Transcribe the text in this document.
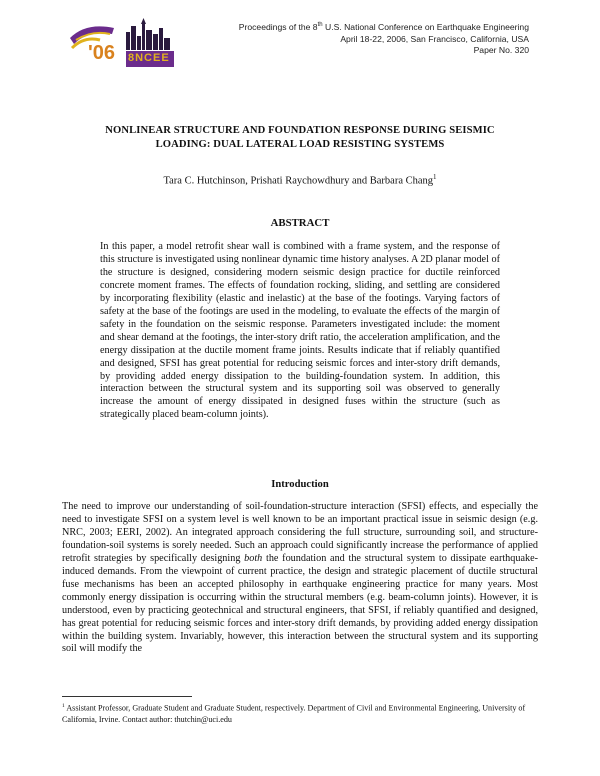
'06 8NCEE
Proceedings of the 8th U.S. National Conference on Earthquake Engineering
April 18-22, 2006, San Francisco, California, USA
Paper No. 320
NONLINEAR STRUCTURE AND FOUNDATION RESPONSE DURING SEISMIC
LOADING: DUAL LATERAL LOAD RESISTING SYSTEMS
Tara C. Hutchinson, Prishati Raychowdhury and Barbara Chang$^1$
ABSTRACT

In this paper, a model retrofit shear wall is combined with a frame system, and the response of this structure is investigated using nonlinear dynamic time history analyses. A 2D planar model of the structure is designed, considering modern seismic design practice for ductile reinforced concrete moment frames. The effects of foundation rocking, sliding, and settling are considered by incorporating flexibility (elastic and inelastic) at the base of the footings. Varying factors of safety at the base of the footings are used in the modeling, to evaluate the effects of the margin of safety in the foundation on the seismic response. Parameters investigated include: the moment and shear demand at the footings, the inter-story drift ratio, the acceleration amplification, and the energy dissipation at the ductile moment frame joints. Results indicate that if reliably quantified and designed, SFSI has great potential for reducing seismic forces and inter-story drift demands, by providing added energy dissipation to the building-foundation system. In addition, this interaction between the structural system and its supporting soil was observed to generally increase the amount of energy dissipated in designed fuses within the structure (such as strategically placed beam-column joints).

Introduction

The need to improve our understanding of soil-foundation-structure interaction (SFSI) effects, and especially the need to investigate SFSI on a system level is well known to be an important practical issue in seismic design (e.g. NRC, 2003; EERI, 2002). An integrated approach considering the full structure, surrounding soil, and structure-foundation-soil systems is sorely needed. Such an approach could significantly increase the performance of applied retrofit strategies by specifically designing both the foundation and the structural system to dissipate earthquake-induced demands. From the viewpoint of current practice, the design and strategic placement of ductile structural fuse mechanisms has been an accepted philosophy in earthquake engineering practice for many years. Most commonly energy dissipation is occurring within the structural members (e.g. beam-column joints). However, it is understood, even by practicing geotechnical and structural engineers, that SFSI, if reliably quantified and designed, has great potential for reducing seismic forces and inter-story drift demands, by providing added energy dissipation within the building system. Invariably, however, this interaction between the structural system and its supporting soil will modify the

$^1$ Assistant Professor, Graduate Student and Graduate Student, respectively. Department of Civil and Environmental Engineering, University of California, Irvine. Contact author: thutchin@uci.edu
